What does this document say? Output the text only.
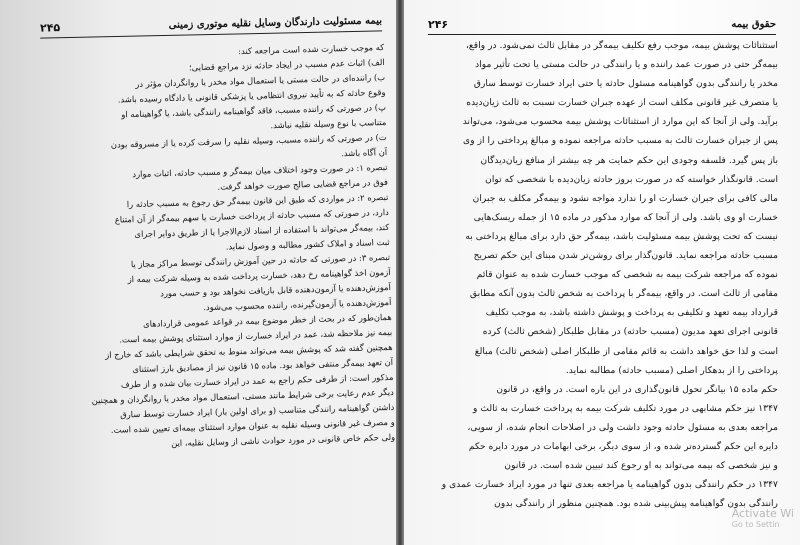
بیمه مسئولیت دارندگان وسایل نقلیه موتوری زمینی
۲۴۵
که موجب خسارت شده است مراجعه کند:
الف) اثبات عدم مسبب در ایجاد حادثه نزد مراجع قضایی؛
ب) راننده‌ای در حالت مستی یا استعمال مواد مخدر یا روانگردان مؤثر در
وقوع حادثه که به تأیید نیروی انتظامی یا پزشکی قانونی یا دادگاه رسیده باشد.
پ) در صورتی که راننده مسبب، فاقد گواهینامه رانندگی باشد، یا گواهینامه او
متناسب با نوع وسیله نقلیه نباشد.
ت) در صورتی که راننده مسبب، وسیله نقلیه را سرقت کرده یا از مسروقه بودن
آن آگاه باشد.
تبصره ۱: در صورت وجود اختلاف میان بیمه‌گر و مسبب حادثه، اثبات موارد
فوق در مراجع قضایی صالح صورت خواهد گرفت.
تبصره ۲: در مواردی که طبق این قانون بیمه‌گر حق رجوع به مسبب حادثه را
دارد، در صورتی که مسبب حادثه از پرداخت خسارت یا سهم بیمه‌گر از آن امتناع
کند، بیمه‌گر می‌تواند با استفاده از اسناد لازم‌الاجرا یا از طریق دوایر اجرای
ثبت اسناد و املاک کشور مطالبه و وصول نماید.
تبصره ۳: در صورتی که حادثه در حین آموزش رانندگی توسط مراکز مجاز یا
آزمون اخذ گواهینامه رخ دهد، خسارت پرداخت شده به وسیله شرکت بیمه از
آموزش‌دهنده یا آزمون‌دهنده قابل بازیافت نخواهد بود و حسب مورد
آموزش‌دهنده یا آزمون‌گیرنده، راننده محسوب می‌شود.
همان‌طور که در بحث از خطر موضوع بیمه در قواعد عمومی قراردادهای
بیمه نیز ملاحظه شد، عمد در ایراد خسارت از موارد استثنای پوشش بیمه است.
همچنین گفته شد که پوشش بیمه می‌تواند منوط به تحقق شرایطی باشد که خارج از
آن تعهد بیمه‌گر منتفی خواهد بود. ماده ۱۵ قانون نیز از مصادیق بارز استثنای
مذکور است: از طرفی حکم راجع به عمد در ایراد خسارت بیان شده و از طرف
دیگر عدم رعایت برخی شرایط مانند مستی، استعمال مواد مخدر یا روانگردان و همچنین
داشتن گواهینامه رانندگی متناسب (و برای اولین بار) ایراد خسارت توسط سارق
و مصرف غیر قانونی وسیله نقلیه به عنوان موارد استثنای بیمه‌ای تعیین شده است.
ولی حکم خاص قانونی در مورد حوادث ناشی از وسایل نقلیه، این
حقوق بیمه
۲۴۶
استثنائات پوشش بیمه، موجب رفع تکلیف بیمه‌گر در مقابل ثالث نمی‌شود. در واقع،
بیمه‌گر حتی در صورت عمد راننده و یا رانندگی در حالت مستی یا تحت تأثیر مواد
مخدر یا رانندگی بدون گواهینامه مسئول حادثه یا حتی ایراد خسارت توسط سارق
یا متصرف غیر قانونی مکلف است از عهده جبران خسارت نسبت به ثالث زیان‌دیده
برآید. ولی از آنجا که این موارد از استثنائات پوشش بیمه محسوب می‌شود، می‌تواند
پس از جبران خسارت ثالث به مسبب حادثه مراجعه نموده و مبالغ پرداختی را از وی
باز پس گیرد. فلسفه وجودی این حکم حمایت هر چه بیشتر از منافع زیان‌دیدگان
است. قانونگذار خواسته که در صورت بروز حادثه زیان‌دیده با شخصی که توان
مالی کافی برای جبران خسارت او را ندارد مواجه نشود و بیمه‌گر مکلف به جبران
خسارت او وی باشد. ولی از آنجا که موارد مذکور در ماده ۱۵ از جمله ریسک‌هایی
نیست که تحت پوشش بیمه مسئولیت باشد، بیمه‌گر حق دارد برای مبالغ پرداختی به
مسبب حادثه مراجعه نماید. قانون‌گذار برای روشن‌تر شدن مبنای این حکم تصریح
نموده که مراجعه شرکت بیمه به شخصی که موجب خسارت شده به عنوان قائم
مقامی از ثالث است. در واقع، بیمه‌گر با پرداخت به شخص ثالث بدون آنکه مطابق
قرارداد بیمه تعهد و تکلیفی به پرداخت و پوشش داشته باشد، به موجب تکلیف
قانونی اجرای تعهد مدیون (مسبب حادثه) در مقابل طلبکار (شخص ثالث) کرده
است و لذا حق خواهد داشت به قائم مقامی از طلبکار اصلی (شخص ثالث) مبالغ
پرداختی را از بدهکار اصلی (مسبب حادثه) مطالبه نماید.
حکم ماده ۱۵ بیانگر تحول قانون‌گذاری در این باره است. در واقع، در قانون
۱۳۴۷ نیز حکم مشابهی در مورد تکلیف شرکت بیمه به پرداخت خسارت به ثالث و
مراجعه بعدی به مسئول حادثه وجود داشت ولی در اصلاحات انجام شده، از سویی،
دایره این حکم گسترده‌تر شده و، از سوی دیگر، برخی ابهامات در مورد دایره حکم
و نیز شخصی که بیمه می‌تواند به او رجوع کند تبیین شده است. در قانون
۱۳۴۷ در حکم رانندگی بدون گواهینامه یا مراجعه بعدی تنها در مورد ایراد خسارت عمدی و
رانندگی بدون گواهینامه پیش‌بینی شده بود. همچنین منظور از رانندگی بدون
Activate Wi
Go to Settin
